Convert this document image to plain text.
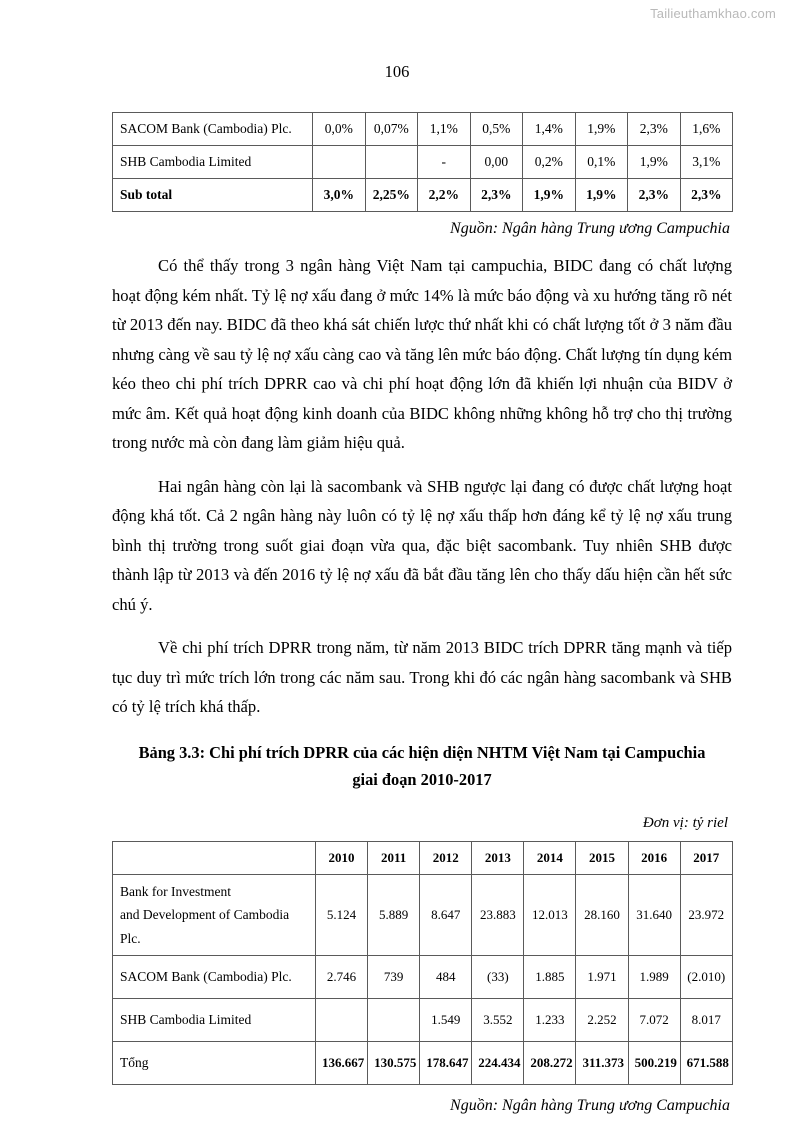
Tailieuthamkhao.com
106
SACOM Bank (Cambodia) Plc.	0,0%	0,07%	1,1%	0,5%	1,4%	1,9%	2,3%	1,6%
SHB Cambodia Limited			-	0,00	0,2%	0,1%	1,9%	3,1%
Sub total	3,0%	2,25%	2,2%	2,3%	1,9%	1,9%	2,3%	2,3%
Nguồn: Ngân hàng Trung ương Campuchia

Có thể thấy trong 3 ngân hàng Việt Nam tại campuchia, BIDC đang có chất lượng hoạt động kém nhất. Tỷ lệ nợ xấu đang ở mức 14% là mức báo động và xu hướng tăng rõ nét từ 2013 đến nay. BIDC đã theo khá sát chiến lược thứ nhất khi có chất lượng tốt ở 3 năm đầu nhưng càng về sau tỷ lệ nợ xấu càng cao và tăng lên mức báo động. Chất lượng tín dụng kém kéo theo chi phí trích DPRR cao và chi phí hoạt động lớn đã khiến lợi nhuận của BIDV ở mức âm. Kết quả hoạt động kinh doanh của BIDC không những không hỗ trợ cho thị trường trong nước mà còn đang làm giảm hiệu quả.

Hai ngân hàng còn lại là sacombank và SHB ngược lại đang có được chất lượng hoạt động khá tốt. Cả 2 ngân hàng này luôn có tỷ lệ nợ xấu thấp hơn đáng kể tỷ lệ nợ xấu trung bình thị trường trong suốt giai đoạn vừa qua, đặc biệt sacombank. Tuy nhiên SHB được thành lập từ 2013 và đến 2016 tỷ lệ nợ xấu đã bắt đầu tăng lên cho thấy dấu hiện cần hết sức chú ý.

Về chi phí trích DPRR trong năm, từ năm 2013 BIDC trích DPRR tăng mạnh và tiếp tục duy trì mức trích lớn trong các năm sau. Trong khi đó các ngân hàng sacombank và SHB có tỷ lệ trích khá thấp.

Bảng 3.3: Chi phí trích DPRR của các hiện diện NHTM Việt Nam tại Campuchia
giai đoạn 2010-2017
Đơn vị: tỷ riel
	2010	2011	2012	2013	2014	2015	2016	2017

Bank for Investment
and Development of Cambodia Plc.	5.124	5.889	8.647	23.883	12.013	28.160	31.640	23.972
SACOM Bank (Cambodia) Plc.	2.746	739	484	(33)	1.885	1.971	1.989	(2.010)
SHB Cambodia Limited			1.549	3.552	1.233	2.252	7.072	8.017
Tổng	136.667	130.575	178.647	224.434	208.272	311.373	500.219	671.588
Nguồn: Ngân hàng Trung ương Campuchia
